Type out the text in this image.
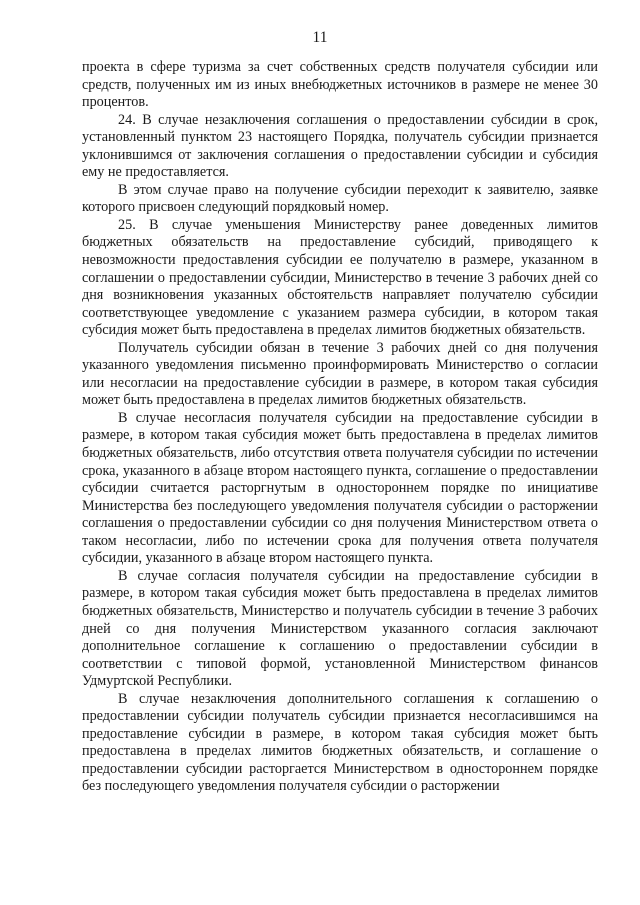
11

проекта в сфере туризма за счет собственных средств получателя субсидии или средств, полученных им из иных внебюджетных источников в размере не менее 30 процентов.

24. В случае незаключения соглашения о предоставлении субсидии в срок, установленный пунктом 23 настоящего Порядка, получатель субсидии признается уклонившимся от заключения соглашения о предоставлении субсидии и субсидия ему не предоставляется.

В этом случае право на получение субсидии переходит к заявителю, заявке которого присвоен следующий порядковый номер.

25. В случае уменьшения Министерству ранее доведенных лимитов бюджетных обязательств на предоставление субсидий, приводящего к невозможности предоставления субсидии ее получателю в размере, указанном в соглашении о предоставлении субсидии, Министерство в течение 3 рабочих дней со дня возникновения указанных обстоятельств направляет получателю субсидии соответствующее уведомление с указанием размера субсидии, в котором такая субсидия может быть предоставлена в пределах лимитов бюджетных обязательств.

Получатель субсидии обязан в течение 3 рабочих дней со дня получения указанного уведомления письменно проинформировать Министерство о согласии или несогласии на предоставление субсидии в размере, в котором такая субсидия может быть предоставлена в пределах лимитов бюджетных обязательств.

В случае несогласия получателя субсидии на предоставление субсидии в размере, в котором такая субсидия может быть предоставлена в пределах лимитов бюджетных обязательств, либо отсутствия ответа получателя субсидии по истечении срока, указанного в абзаце втором настоящего пункта, соглашение о предоставлении субсидии считается расторгнутым в одностороннем порядке по инициативе Министерства без последующего уведомления получателя субсидии о расторжении соглашения о предоставлении субсидии со дня получения Министерством ответа о таком несогласии, либо по истечении срока для получения ответа получателя субсидии, указанного в абзаце втором настоящего пункта.

В случае согласия получателя субсидии на предоставление субсидии в размере, в котором такая субсидия может быть предоставлена в пределах лимитов бюджетных обязательств, Министерство и получатель субсидии в течение 3 рабочих дней со дня получения Министерством указанного согласия заключают дополнительное соглашение к соглашению о предоставлении субсидии в соответствии с типовой формой, установленной Министерством финансов Удмуртской Республики.

В случае незаключения дополнительного соглашения к соглашению о предоставлении субсидии получатель субсидии признается несогласившимся на предоставление субсидии в размере, в котором такая субсидия может быть предоставлена в пределах лимитов бюджетных обязательств, и соглашение о предоставлении субсидии расторгается Министерством в одностороннем порядке без последующего уведомления получателя субсидии о расторжении
